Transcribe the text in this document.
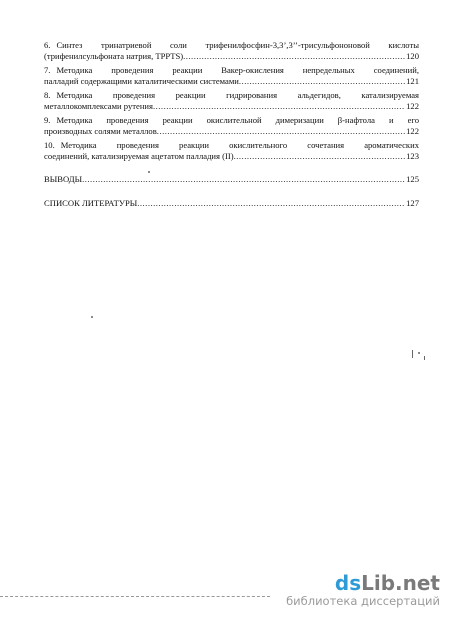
6. Синтез тринатриевой соли трифенилфосфин-3,3’,3’’-трисульфононовой кислоты
(трифенилсульфоната натрия, TPPTS) .....	120
7. Методика проведения реакции Вакер-окисления непредельных соединений,
палладий содержащими каталитическими системами .....	121
8. Методика проведения реакции гидрирования альдегидов, катализируемая
металлокомплексами рутения .....	122
9. Методика проведения реакции окислительной димеризации β-нафтола и его
производных солями металлов .....	122
10. Методика проведения реакции окислительного сочетания ароматических
соединений, катализируемая ацетатом палладия (II) .....	123
ВЫВОДЫ .....	125
СПИСОК ЛИТЕРАТУРЫ .....	127
dsLib.net
библиотека диссертаций
